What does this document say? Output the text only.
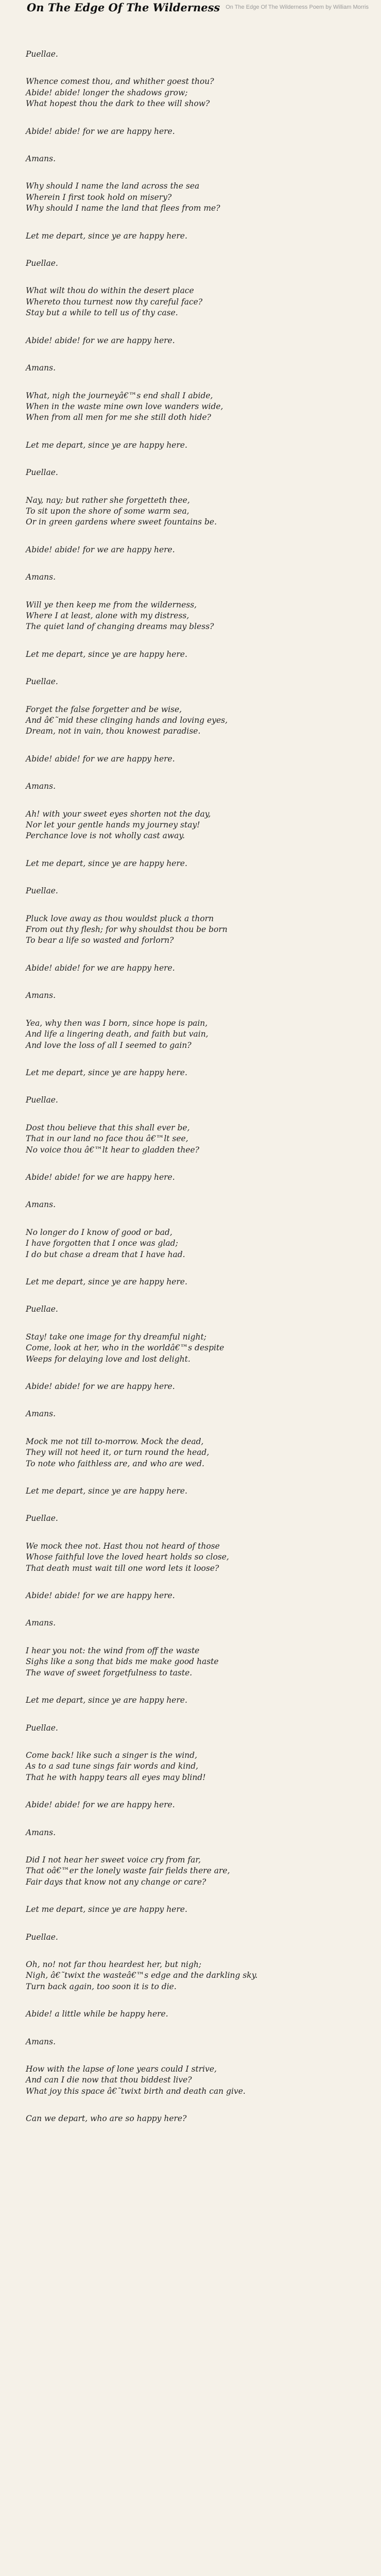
On The Edge Of The Wilderness Poem by William Morris
On The Edge Of The Wilderness

Puellae.

Whence comest thou, and whither goest thou?
Abide! abide! longer the shadows grow;
What hopest thou the dark to thee will show?

Abide! abide! for we are happy here.

Amans.

Why should I name the land across the sea
Wherein I first took hold on misery?
Why should I name the land that flees from me?

Let me depart, since ye are happy here.

Puellae.

What wilt thou do within the desert place
Whereto thou turnest now thy careful face?
Stay but a while to tell us of thy case.

Abide! abide! for we are happy here.

Amans.

What, nigh the journeyâ€™s end shall I abide,
When in the waste mine own love wanders wide,
When from all men for me she still doth hide?

Let me depart, since ye are happy here.

Puellae.

Nay, nay; but rather she forgetteth thee,
To sit upon the shore of some warm sea,
Or in green gardens where sweet fountains be.

Abide! abide! for we are happy here.

Amans.

Will ye then keep me from the wilderness,
Where I at least, alone with my distress,
The quiet land of changing dreams may bless?

Let me depart, since ye are happy here.

Puellae.

Forget the false forgetter and be wise,
And â€˜mid these clinging hands and loving eyes,
Dream, not in vain, thou knowest paradise.

Abide! abide! for we are happy here.

Amans.

Ah! with your sweet eyes shorten not the day,
Nor let your gentle hands my journey stay!
Perchance love is not wholly cast away.

Let me depart, since ye are happy here.

Puellae.

Pluck love away as thou wouldst pluck a thorn
From out thy flesh; for why shouldst thou be born
To bear a life so wasted and forlorn?

Abide! abide! for we are happy here.

Amans.

Yea, why then was I born, since hope is pain,
And life a lingering death, and faith but vain,
And love the loss of all I seemed to gain?

Let me depart, since ye are happy here.

Puellae.

Dost thou believe that this shall ever be,
That in our land no face thou â€™lt see,
No voice thou â€™lt hear to gladden thee?

Abide! abide! for we are happy here.

Amans.

No longer do I know of good or bad,
I have forgotten that I once was glad;
I do but chase a dream that I have had.

Let me depart, since ye are happy here.

Puellae.

Stay! take one image for thy dreamful night;
Come, look at her, who in the worldâ€™s despite
Weeps for delaying love and lost delight.

Abide! abide! for we are happy here.

Amans.

Mock me not till to-morrow. Mock the dead,
They will not heed it, or turn round the head,
To note who faithless are, and who are wed.

Let me depart, since ye are happy here.

Puellae.

We mock thee not. Hast thou not heard of those
Whose faithful love the loved heart holds so close,
That death must wait till one word lets it loose?

Abide! abide! for we are happy here.

Amans.

I hear you not: the wind from off the waste
Sighs like a song that bids me make good haste
The wave of sweet forgetfulness to taste.

Let me depart, since ye are happy here.

Puellae.

Come back! like such a singer is the wind,
As to a sad tune sings fair words and kind,
That he with happy tears all eyes may blind!

Abide! abide! for we are happy here.

Amans.

Did I not hear her sweet voice cry from far,
That oâ€™er the lonely waste fair fields there are,
Fair days that know not any change or care?

Let me depart, since ye are happy here.

Puellae.

Oh, no! not far thou heardest her, but nigh;
Nigh, â€˜twixt the wasteâ€™s edge and the darkling sky.
Turn back again, too soon it is to die.

Abide! a little while be happy here.

Amans.

How with the lapse of lone years could I strive,
And can I die now that thou biddest live?
What joy this space â€˜twixt birth and death can give.

Can we depart, who are so happy here?
